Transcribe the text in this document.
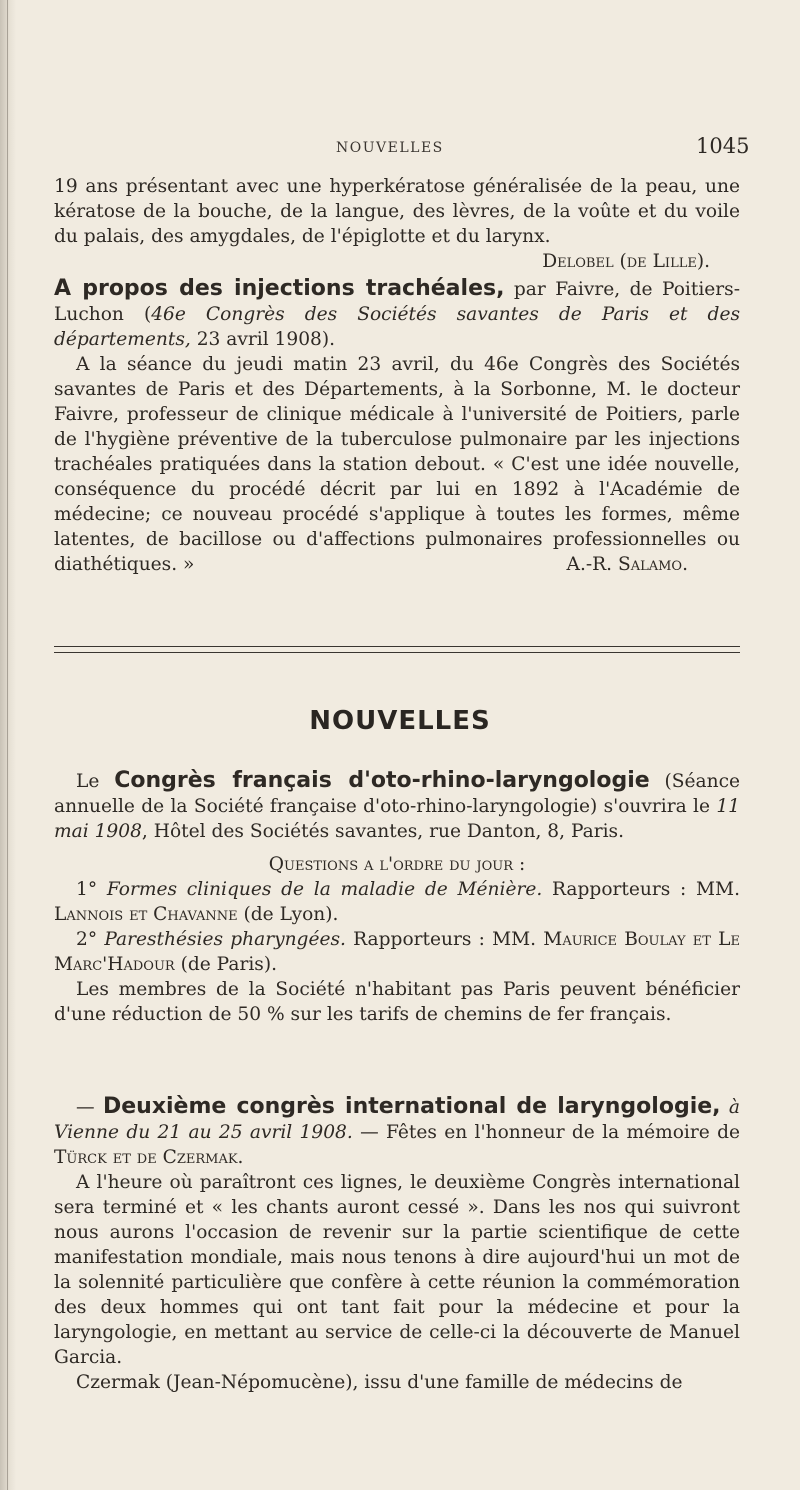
NOUVELLES	1045

19 ans présentant avec une hyperkératose généralisée de la peau, une kératose de la bouche, de la langue, des lèvres, de la voûte et du voile du palais, des amygdales, de l'épiglotte et du larynx.

Delobel (de Lille).

A propos des injections trachéales, par Faivre, de Poitiers-Luchon (46e Congrès des Sociétés savantes de Paris et des départements, 23 avril 1908).

A la séance du jeudi matin 23 avril, du 46e Congrès des Sociétés savantes de Paris et des Départements, à la Sorbonne, M. le docteur Faivre, professeur de clinique médicale à l'université de Poitiers, parle de l'hygiène préventive de la tuberculose pulmonaire par les injections trachéales pratiquées dans la station debout. « C'est une idée nouvelle, conséquence du procédé décrit par lui en 1892 à l'Académie de médecine; ce nouveau procédé s'applique à toutes les formes, même latentes, de bacillose ou d'affections pulmonaires professionnelles ou diathétiques. »	A.-R. Salamo.

NOUVELLES

Le Congrès français d'oto-rhino-laryngologie (Séance annuelle de la Société française d'oto-rhino-laryngologie) s'ouvrira le 11 mai 1908, Hôtel des Sociétés savantes, rue Danton, 8, Paris.

Questions a l'ordre du jour :

1° Formes cliniques de la maladie de Ménière. Rapporteurs : MM. Lannois et Chavanne (de Lyon).

2° Paresthésies pharyngées. Rapporteurs : MM. Maurice Boulay et Le Marc'Hadour (de Paris).

Les membres de la Société n'habitant pas Paris peuvent bénéficier d'une réduction de 50 % sur les tarifs de chemins de fer français.

— Deuxième congrès international de laryngologie, à Vienne du 21 au 25 avril 1908. — Fêtes en l'honneur de la mémoire de Türck et de Czermak.

A l'heure où paraîtront ces lignes, le deuxième Congrès international sera terminé et « les chants auront cessé ». Dans les nos qui suivront nous aurons l'occasion de revenir sur la partie scientifique de cette manifestation mondiale, mais nous tenons à dire aujourd'hui un mot de la solennité particulière que confère à cette réunion la commémoration des deux hommes qui ont tant fait pour la médecine et pour la laryngologie, en mettant au service de celle-ci la découverte de Manuel Garcia.

Czermak (Jean-Népomucène), issu d'une famille de médecins de
